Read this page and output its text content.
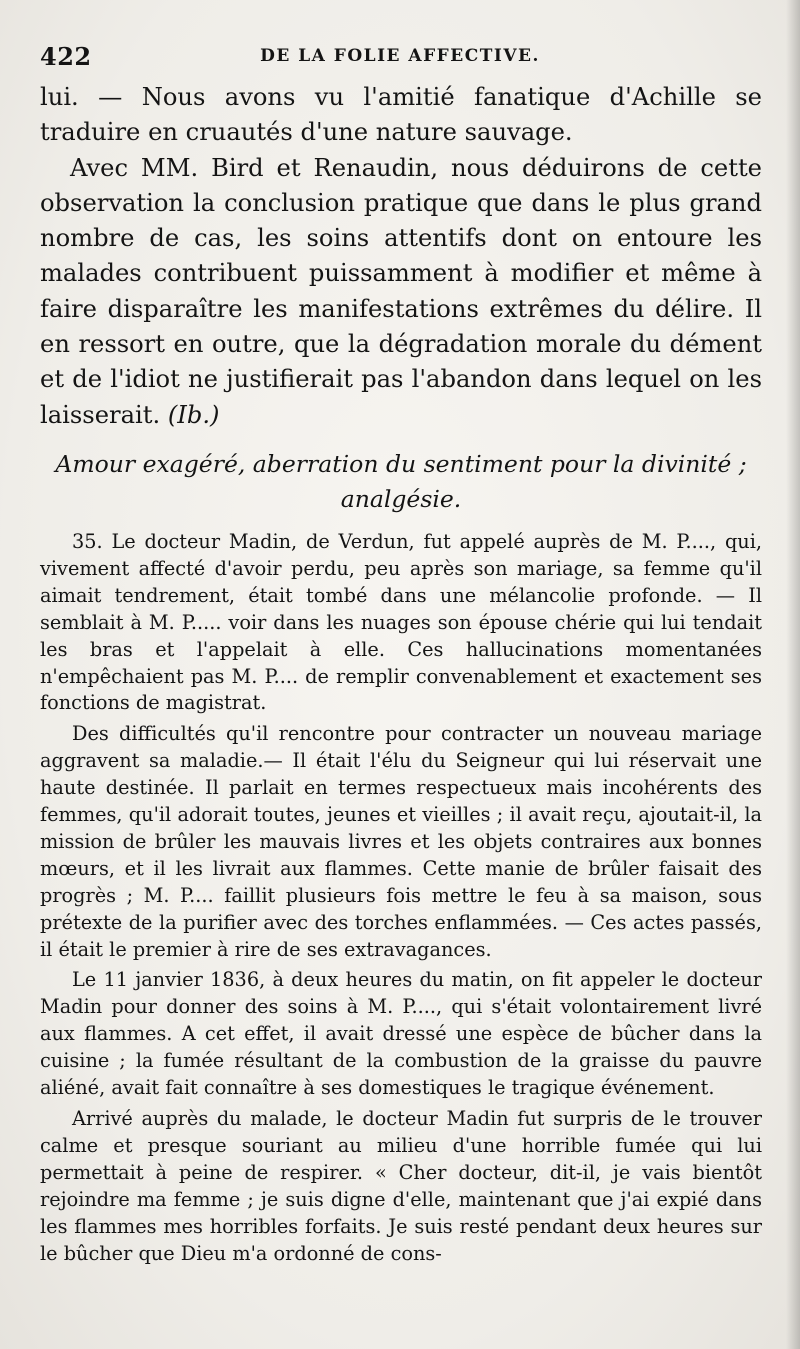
422	DE LA FOLIE AFFECTIVE.

lui. — Nous avons vu l'amitié fanatique d'Achille se traduire en cruautés d'une nature sauvage.

Avec MM. Bird et Renaudin, nous déduirons de cette observation la conclusion pratique que dans le plus grand nombre de cas, les soins attentifs dont on entoure les malades contribuent puissamment à modifier et même à faire disparaître les manifestations extrêmes du délire. Il en ressort en outre, que la dégradation morale du dément et de l'idiot ne justifierait pas l'abandon dans lequel on les laisserait. (Ib.)

Amour exagéré, aberration du sentiment pour la divinité ;
analgésie.

35. Le docteur Madin, de Verdun, fut appelé auprès de M. P...., qui, vivement affecté d'avoir perdu, peu après son mariage, sa femme qu'il aimait tendrement, était tombé dans une mélancolie profonde. — Il semblait à M. P..... voir dans les nuages son épouse chérie qui lui tendait les bras et l'appelait à elle. Ces hallucinations momentanées n'empêchaient pas M. P.... de remplir convenablement et exactement ses fonctions de magistrat.

Des difficultés qu'il rencontre pour contracter un nouveau mariage aggravent sa maladie.— Il était l'élu du Seigneur qui lui réservait une haute destinée. Il parlait en termes respectueux mais incohérents des femmes, qu'il adorait toutes, jeunes et vieilles ; il avait reçu, ajoutait-il, la mission de brûler les mauvais livres et les objets contraires aux bonnes mœurs, et il les livrait aux flammes. Cette manie de brûler faisait des progrès ; M. P.... faillit plusieurs fois mettre le feu à sa maison, sous prétexte de la purifier avec des torches enflammées. — Ces actes passés, il était le premier à rire de ses extravagances.

Le 11 janvier 1836, à deux heures du matin, on fit appeler le docteur Madin pour donner des soins à M. P...., qui s'était volontairement livré aux flammes. A cet effet, il avait dressé une espèce de bûcher dans la cuisine ; la fumée résultant de la combustion de la graisse du pauvre aliéné, avait fait connaître à ses domestiques le tragique événement.

Arrivé auprès du malade, le docteur Madin fut surpris de le trouver calme et presque souriant au milieu d'une horrible fumée qui lui permettait à peine de respirer. « Cher docteur, dit-il, je vais bientôt rejoindre ma femme ; je suis digne d'elle, maintenant que j'ai expié dans les flammes mes horribles forfaits. Je suis resté pendant deux heures sur le bûcher que Dieu m'a ordonné de cons-
